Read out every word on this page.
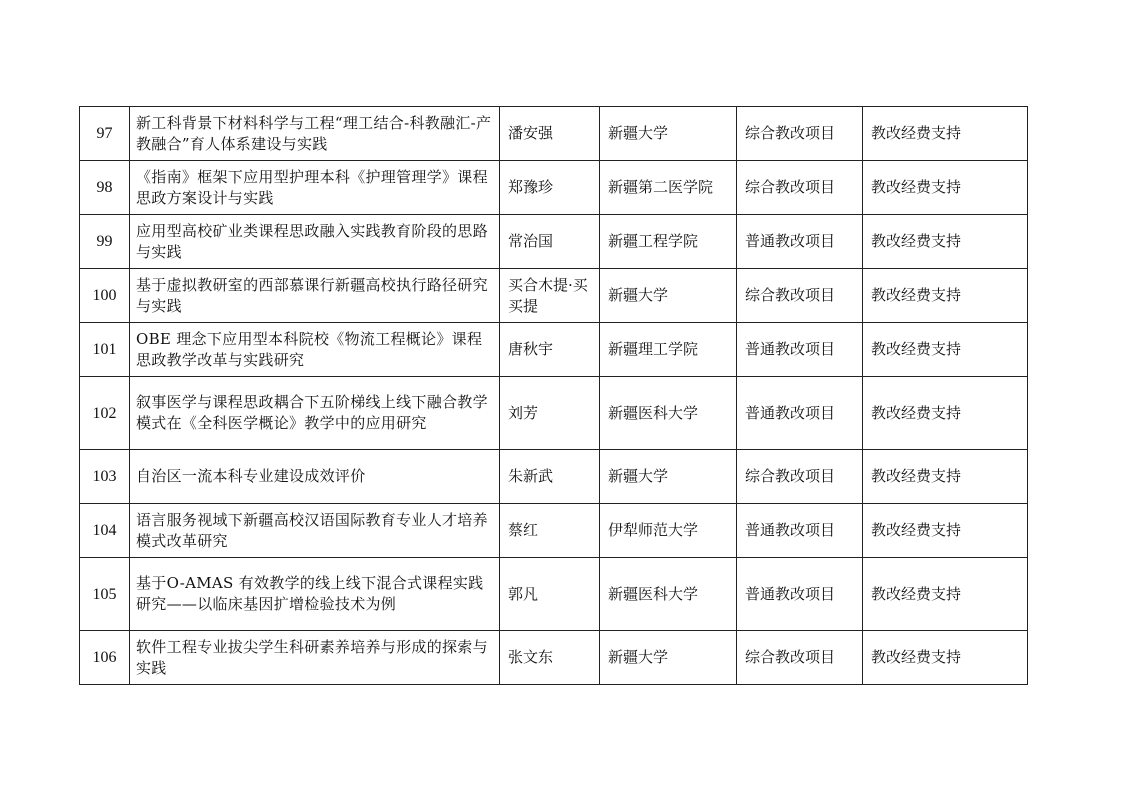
97	新工科背景下材料科学与工程“理工结合-科教融汇-产教融合”育人体系建设与实践	潘安强	新疆大学	综合教改项目	教改经费支持
98	《指南》框架下应用型护理本科《护理管理学》课程思政方案设计与实践	郑豫珍	新疆第二医学院	综合教改项目	教改经费支持
99	应用型高校矿业类课程思政融入实践教育阶段的思路与实践	常治国	新疆工程学院	普通教改项目	教改经费支持
100	基于虚拟教研室的西部慕课行新疆高校执行路径研究与实践	买合木提·买买提	新疆大学	综合教改项目	教改经费支持
101	OBE 理念下应用型本科院校《物流工程概论》课程思政教学改革与实践研究	唐秋宇	新疆理工学院	普通教改项目	教改经费支持
102	叙事医学与课程思政耦合下五阶梯线上线下融合教学模式在《全科医学概论》教学中的应用研究	刘芳	新疆医科大学	普通教改项目	教改经费支持
103	自治区一流本科专业建设成效评价	朱新武	新疆大学	综合教改项目	教改经费支持
104	语言服务视域下新疆高校汉语国际教育专业人才培养模式改革研究	蔡红	伊犁师范大学	普通教改项目	教改经费支持
105	基于O-AMAS 有效教学的线上线下混合式课程实践研究——以临床基因扩增检验技术为例	郭凡	新疆医科大学	普通教改项目	教改经费支持
106	软件工程专业拔尖学生科研素养培养与形成的探索与实践	张文东	新疆大学	综合教改项目	教改经费支持
